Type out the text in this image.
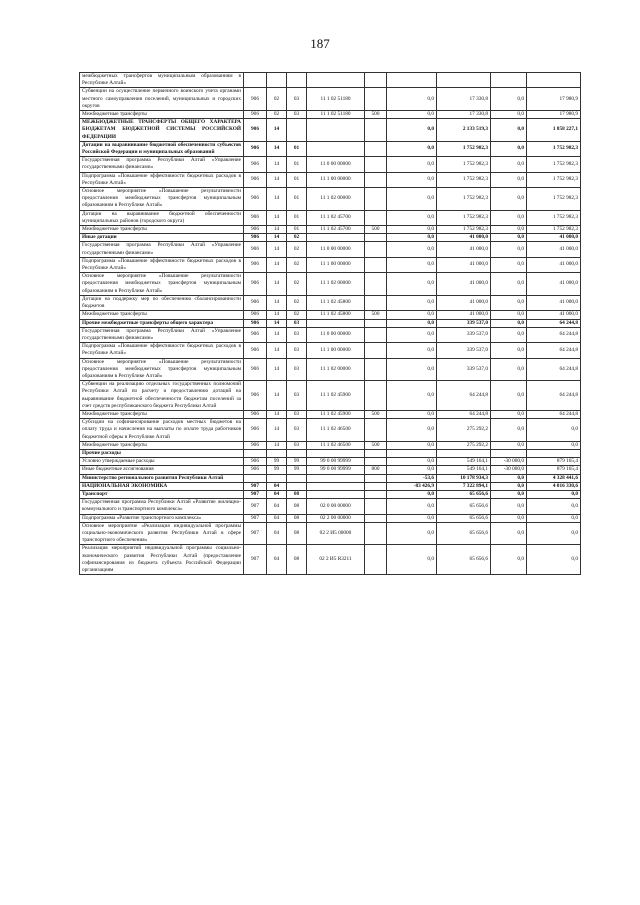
187
межбюджетных трансфертов муниципальным образованиям в Республике Алтай»									
Субвенции на осуществление первичного воинского учета органами местного самоуправления поселений, муниципальных и городских округов	906	02	03	11 1 02 51180		0,0	17 330,8	0,0	17 980,9
Межбюджетные трансферты	906	02	03	11 1 02 51180	500	0,0	17 330,8	0,0	17 980,9
МЕЖБЮДЖЕТНЫЕ ТРАНСФЕРТЫ ОБЩЕГО ХАРАКТЕРА БЮДЖЕТАМ БЮДЖЕТНОЙ СИСТЕМЫ РОССИЙСКОЙ ФЕДЕРАЦИИ	906	14				0,0	2 133 519,3	0,0	1 858 227,1
Дотации на выравнивание бюджетной обеспеченности субъектов Российской Федерации и муниципальных образований	906	14	01			0,0	1 752 982,3	0,0	1 752 982,3
Государственная программа Республики Алтай «Управление государственными финансами»	906	14	01	11 0 00 00000		0,0	1 752 982,3	0,0	1 752 982,3
Подпрограмма «Повышение эффективности бюджетных расходов в Республике Алтай»	906	14	01	11 1 00 00000		0,0	1 752 982,3	0,0	1 752 982,3
Основное мероприятие «Повышение результативности предоставления межбюджетных трансфертов муниципальным образованиям в Республике Алтай»	906	14	01	11 1 02 00000		0,0	1 752 982,3	0,0	1 752 982,3
Дотации на выравнивание бюджетной обеспеченности муниципальных районов (городского округа)	906	14	01	11 1 02 45700		0,0	1 752 982,3	0,0	1 752 982,3
Межбюджетные трансферты	906	14	01	11 1 02 45700	500	0,0	1 752 982,3	0,0	1 752 982,3
Иные дотации	906	14	02			0,0	41 000,0	0,0	41 000,0
Государственная программа Республики Алтай «Управление государственными финансами»	906	14	02	11 0 00 00000		0,0	41 000,0	0,0	41 000,0
Подпрограмма «Повышение эффективности бюджетных расходов в Республике Алтай»	906	14	02	11 1 00 00000		0,0	41 000,0	0,0	41 000,0
Основное мероприятие «Повышение результативности предоставления межбюджетных трансфертов муниципальным образованиям в Республике Алтай»	906	14	02	11 1 02 00000		0,0	41 000,0	0,0	41 000,0
Дотации на поддержку мер по обеспечению сбалансированности бюджетов	906	14	02	11 1 02 45800		0,0	41 000,0	0,0	41 000,0
Межбюджетные трансферты	906	14	02	11 1 02 45800	500	0,0	41 000,0	0,0	41 000,0
Прочие межбюджетные трансферты общего характера	906	14	03			0,0	339 537,0	0,0	64 244,8
Государственная программа Республики Алтай «Управление государственными финансами»	906	14	03	11 0 00 00000		0,0	339 537,0	0,0	64 244,8
Подпрограмма «Повышение эффективности бюджетных расходов в Республике Алтай»	906	14	03	11 1 00 00000		0,0	339 537,0	0,0	64 244,8
Основное мероприятие «Повышение результативности предоставления межбюджетных трансфертов муниципальным образованиям в Республике Алтай»	906	14	03	11 1 02 00000		0,0	339 537,0	0,0	64 244,8
Субвенции на реализацию отдельных государственных полномочий Республики Алтай по расчету и предоставлению дотаций на выравнивание бюджетной обеспеченности бюджетам поселений за счет средств республиканского бюджета Республики Алтай	906	14	03	11 1 02 45900		0,0	64 244,8	0,0	64 244,8
Межбюджетные трансферты	906	14	03	11 1 02 45900	500	0,0	64 244,8	0,0	64 244,8
Субсидии на софинансирование расходов местных бюджетов на оплату труда и начисления на выплаты по оплате труда работников бюджетной сферы в Республике Алтай	906	14	03	11 1 02 46500		0,0	275 292,2	0,0	0,0
Межбюджетные трансферты	906	14	03	11 1 02 46500	500	0,0	275 292,2	0,0	0,0
Прочие расходы									
Условно утверждаемые расходы	906	99	99	99 0 00 99999		0,0	549 164,1	-30 000,0	879 165,4
Иные бюджетные ассигнования	906	99	99	99 0 00 99999	800	0,0	549 164,1	-30 000,0	879 165,4
Министерство регионального развития Республики Алтай						-53,6	10 178 934,3	0,0	4 328 441,6
НАЦИОНАЛЬНАЯ ЭКОНОМИКА	907	04				-83 426,9	7 322 894,1	0,0	4 016 330,6
Транспорт	907	04	08			0,0	65 656,6	0,0	0,0
Государственная программа Республики Алтай «Развитие жилищно-коммунального и транспортного комплекса»	907	04	08	02 0 00 00000		0,0	65 656,6	0,0	0,0
Подпрограмма «Развитие транспортного комплекса»	907	04	08	02 2 00 00000		0,0	65 656,6	0,0	0,0
Основное мероприятие «Реализация индивидуальной программы социально-экономического развития Республики Алтай в сфере транспортного обеспечения»	907	04	08	02 2 И5 00000		0,0	65 656,6	0,0	0,0
Реализация мероприятий индивидуальной программы социально-экономического развития Республики Алтай (предоставление софинансирования из бюджета субъекта Российской Федерации организациям	907	04	08	02 2 И5 R3211		0,0	65 656,6	0,0	0,0
